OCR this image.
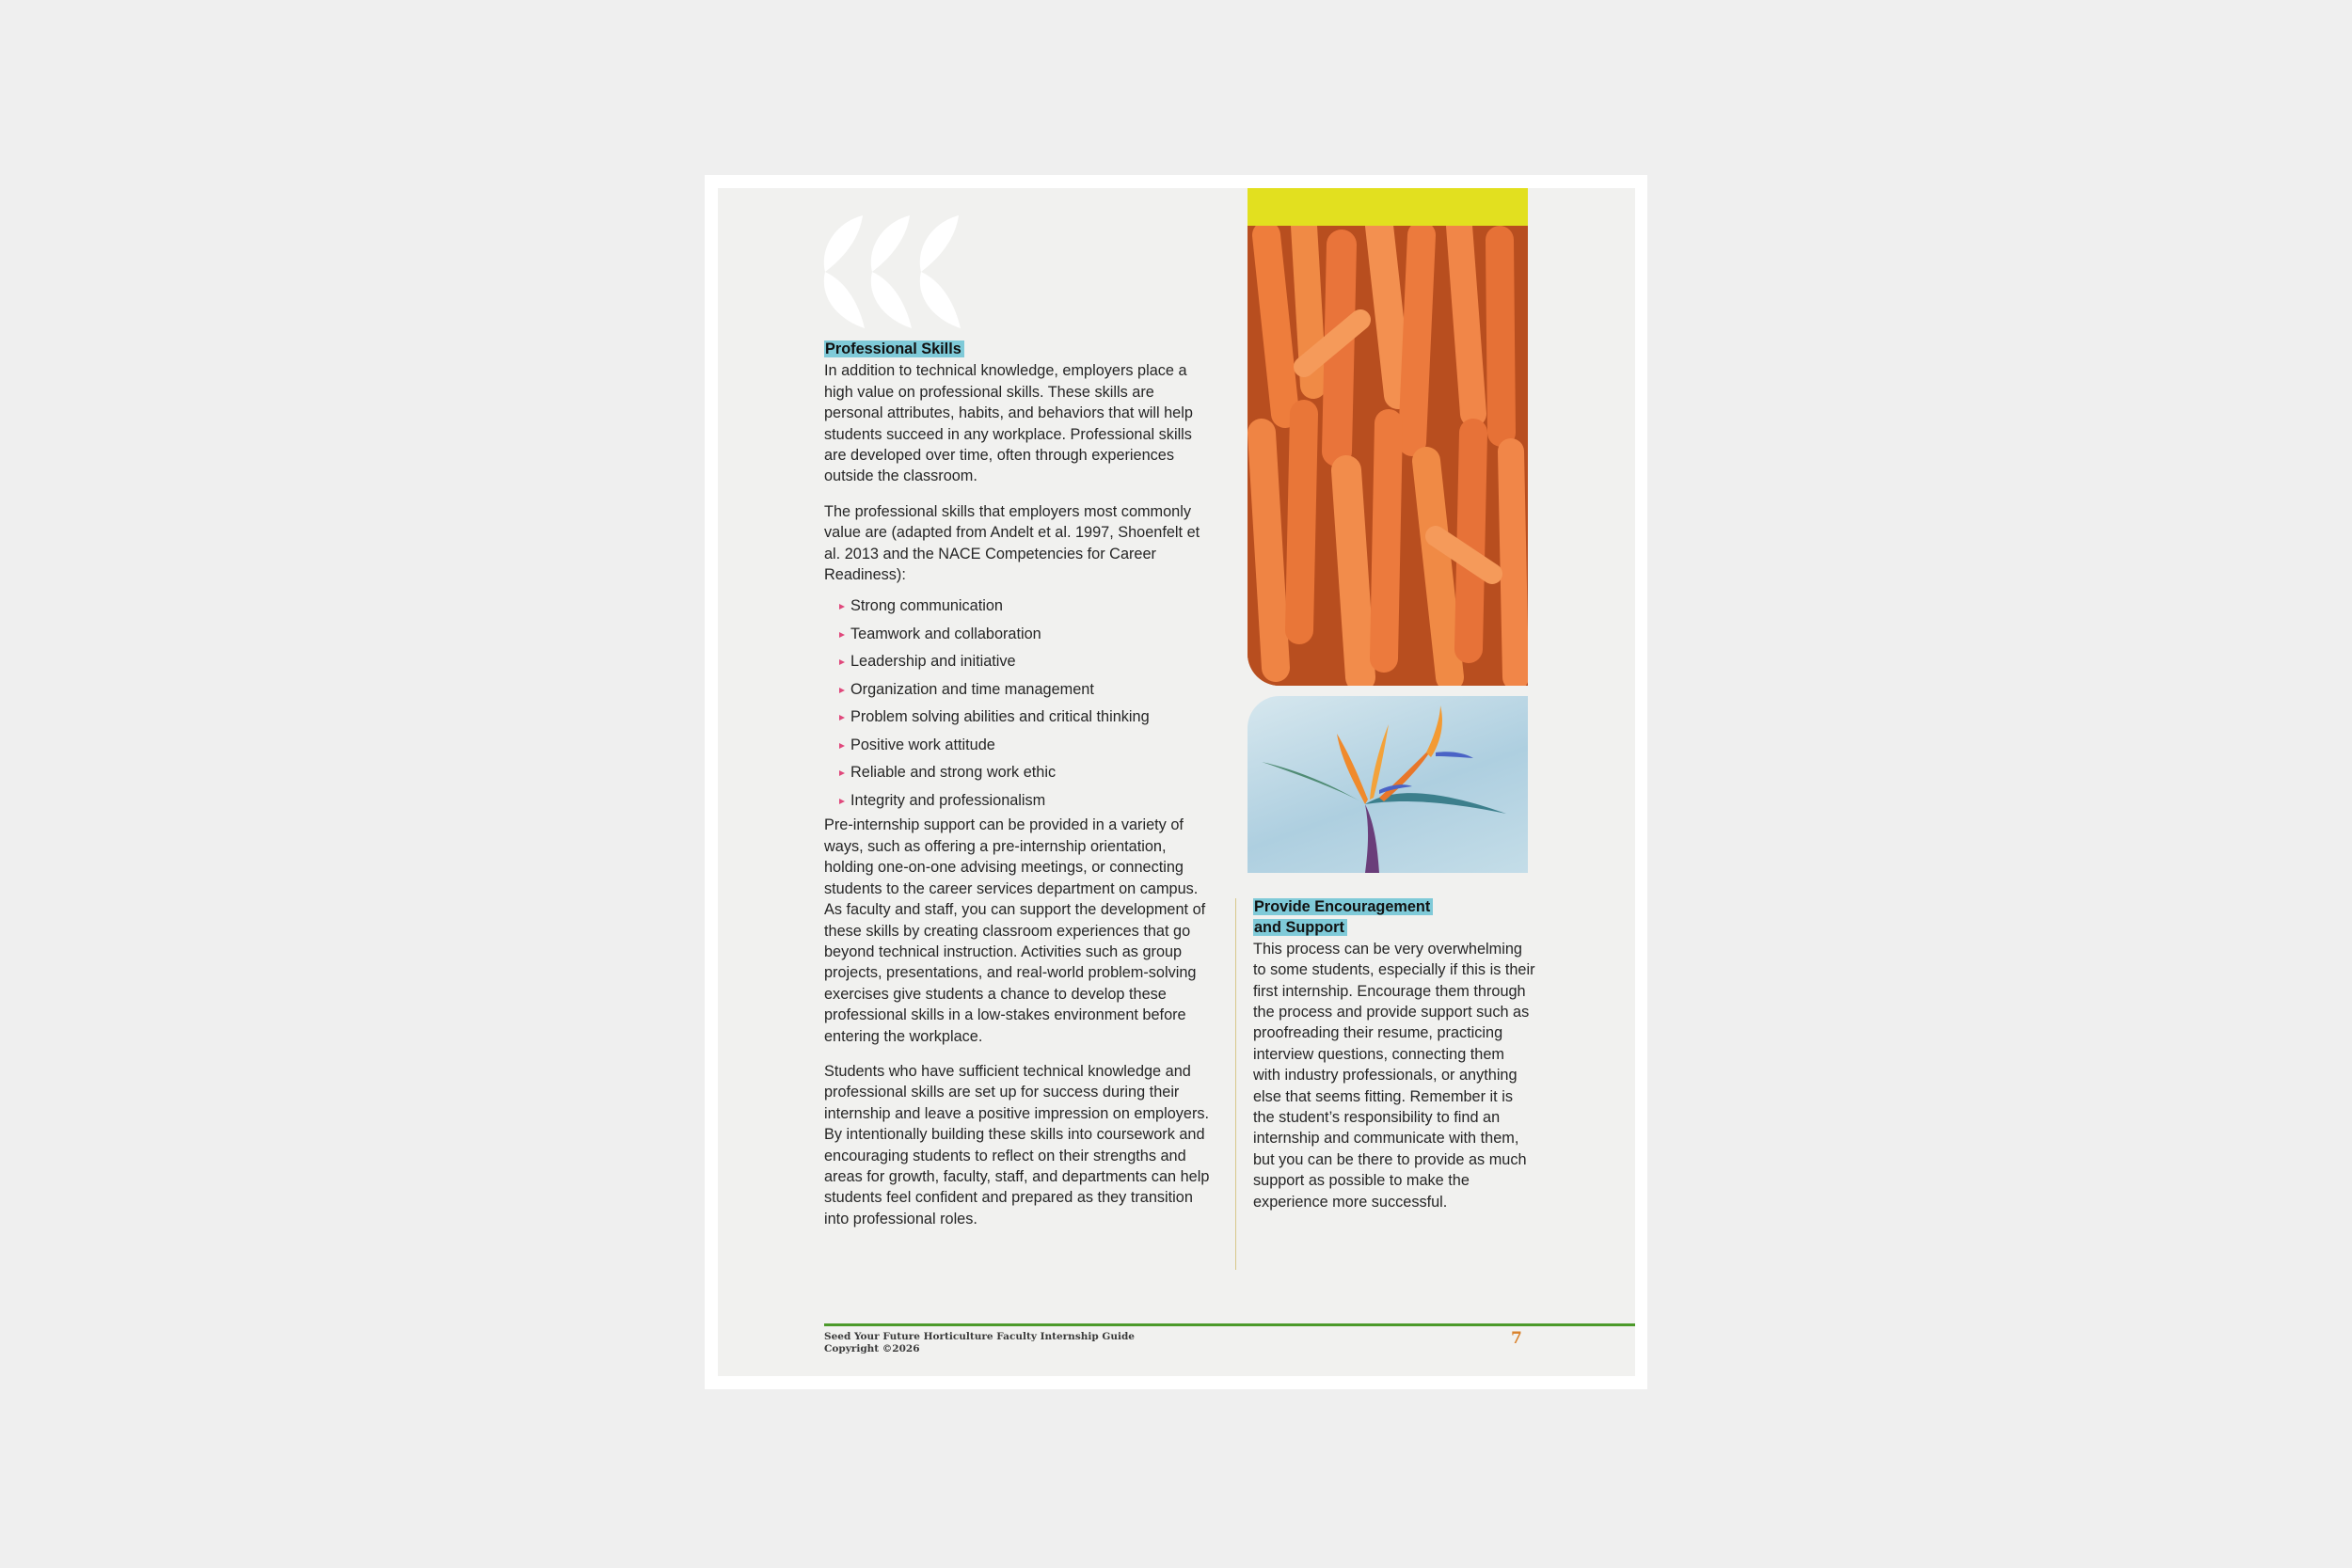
Professional Skills

In addition to technical knowledge, employers place a high value on professional skills. These skills are personal attributes, habits, and behaviors that will help students succeed in any workplace. Professional skills are developed over time, often through experiences outside the classroom.

The professional skills that employers most commonly value are (adapted from Andelt et al. 1997, Shoenfelt et al. 2013 and the NACE Competencies for Career Readiness):

Strong communication
Teamwork and collaboration
Leadership and initiative
Organization and time management
Problem solving abilities and critical thinking
Positive work attitude
Reliable and strong work ethic
Integrity and professionalism

Pre-internship support can be provided in a variety of ways, such as offering a pre-internship orientation, holding one-on-one advising meetings, or connecting students to the career services department on campus. As faculty and staff, you can support the development of these skills by creating classroom experiences that go beyond technical instruction. Activities such as group projects, presentations, and real-world problem-solving exercises give students a chance to develop these professional skills in a low-stakes environment before entering the workplace.

Students who have sufficient technical knowledge and professional skills are set up for success during their internship and leave a positive impression on employers. By intentionally building these skills into coursework and encouraging students to reflect on their strengths and areas for growth, faculty, staff, and departments can help students feel confident and prepared as they transition into professional roles.

Provide Encouragement
and Support
This process can be very overwhelming to some students, especially if this is their first internship. Encourage them through the process and provide support such as proofreading their resume, practicing interview questions, connecting them with industry professionals, or anything else that seems fitting. Remember it is the student’s responsibility to find an internship and communicate with them, but you can be there to provide as much support as possible to make the experience more successful.
Seed Your Future Horticulture Faculty Internship Guide
Copyright ©2026
7
